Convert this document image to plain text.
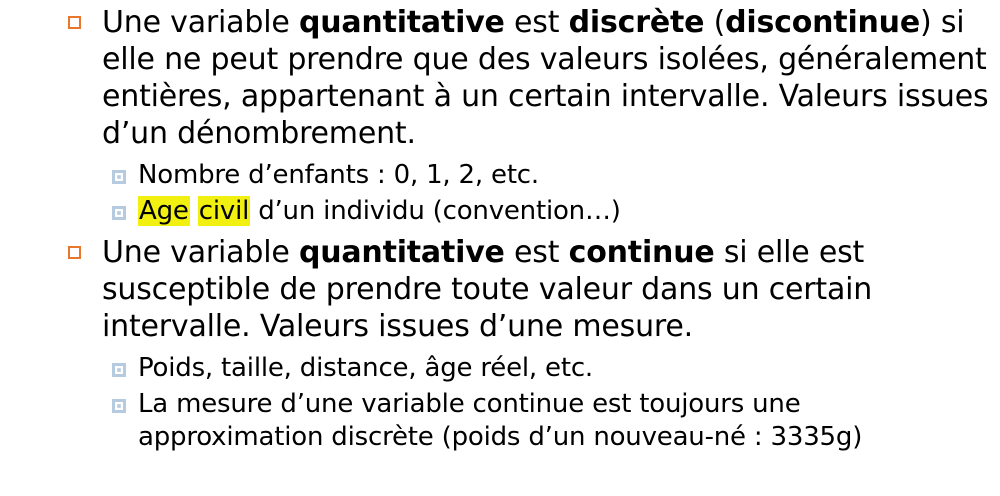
Une variable quantitative est discrète (discontinue) si elle ne peut prendre que des valeurs isolées, généralement entières, appartenant à un certain intervalle. Valeurs issues d’un dénombrement.
Nombre d’enfants : 0, 1, 2, etc.
Age civil d’un individu (convention…)
Une variable quantitative est continue si elle est susceptible de prendre toute valeur dans un certain intervalle. Valeurs issues d’une mesure.
Poids, taille, distance, âge réel, etc.
La mesure d’une variable continue est toujours une approximation discrète (poids d’un nouveau-né : 3335g)
